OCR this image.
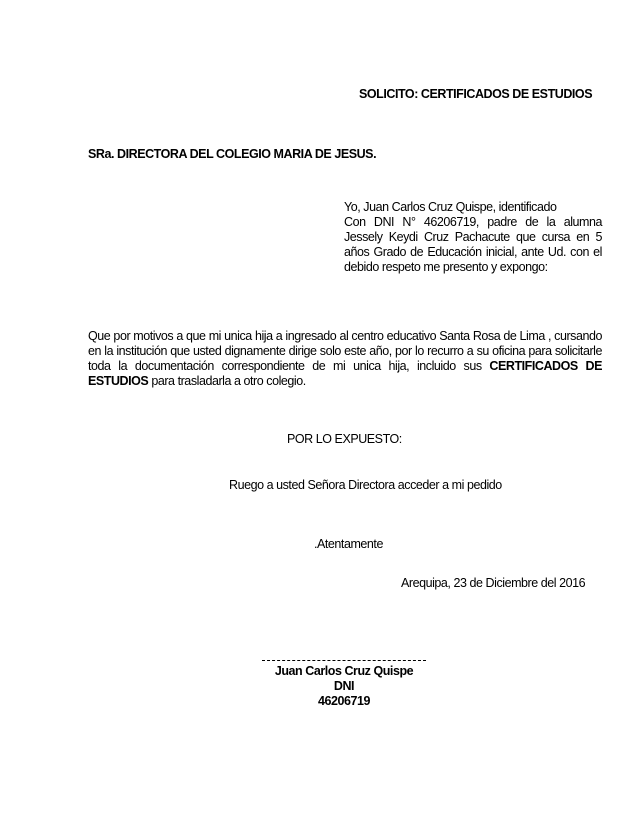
SOLICITO: CERTIFICADOS DE ESTUDIOS
SRa. DIRECTORA DEL COLEGIO MARIA DE JESUS.
Yo, Juan Carlos Cruz Quispe, identificado
Con DNI N° 46206719, padre de la alumna Jessely Keydi Cruz Pachacute que cursa en 5 años Grado de Educación inicial, ante Ud. con el debido respeto me presento y expongo:
Que por motivos a que mi unica hija a ingresado al centro educativo Santa Rosa de Lima , cursando en la institución que usted dignamente dirige solo este año, por lo recurro a su oficina para solicitarle toda la documentación correspondiente de mi unica hija, incluido sus CERTIFICADOS DE ESTUDIOS para trasladarla a otro colegio.
POR LO EXPUESTO:
Ruego a usted Señora Directora acceder a mi pedido
.Atentamente
Arequipa, 23 de Diciembre del 2016
Juan Carlos Cruz Quispe
DNI
46206719
